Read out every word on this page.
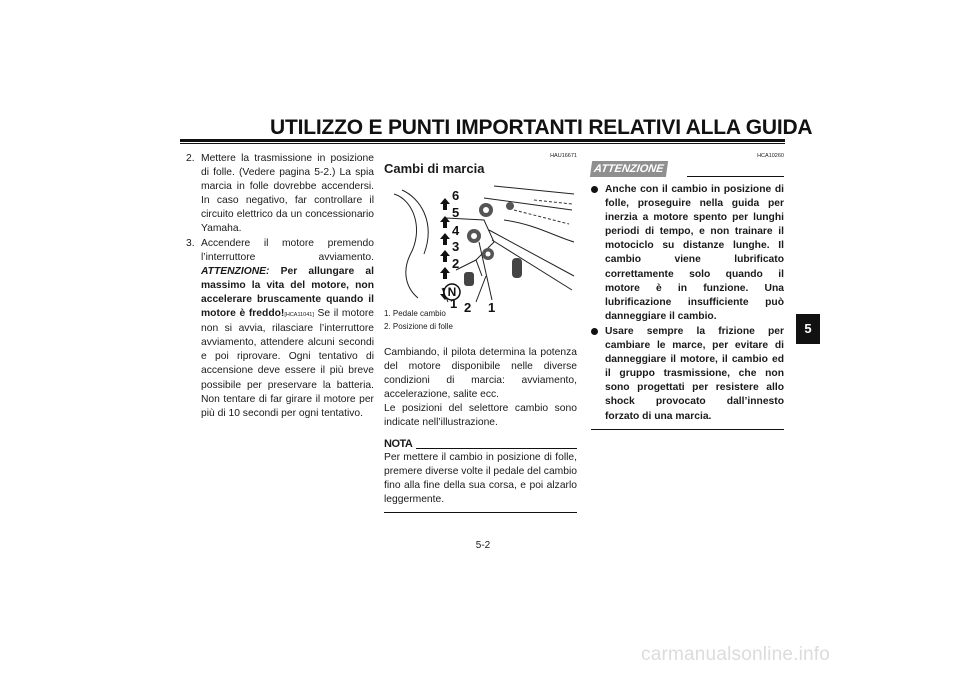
UTILIZZO E PUNTI IMPORTANTI RELATIVI ALLA GUIDA
5
2. Mettere la trasmissione in posizione di folle. (Vedere pagina 5-2.) La spia marcia in folle dovrebbe accendersi. In caso negativo, far controllare il circuito elettrico da un concessionario Yamaha.
3. Accendere il motore premendo l’interruttore avviamento. ATTENZIONE: Per allungare al massimo la vita del motore, non accelerare bruscamente quando il motore è freddo![HCA11041] Se il motore non si avvia, rilasciare l’interruttore avviamento, attendere alcuni secondi e poi riprovare. Ogni tentativo di accensione deve essere il più breve possibile per preservare la batteria. Non tentare di far girare il motore per più di 10 secondi per ogni tentativo.
HAU16671
Cambi di marcia
N
6
5
4
3
2
1 2 1
1. Pedale cambio
2. Posizione di folle
Cambiando, il pilota determina la potenza del motore disponibile nelle diverse condizioni di marcia: avviamento, accelerazione, salite ecc.
Le posizioni del selettore cambio sono indicate nell’illustrazione.
NOTA
Per mettere il cambio in posizione di folle, premere diverse volte il pedale del cambio fino alla fine della sua corsa, e poi alzarlo leggermente.
HCA10260
ATTENZIONE
Anche con il cambio in posizione di folle, proseguire nella guida per inerzia a motore spento per lunghi periodi di tempo, e non trainare il motociclo su distanze lunghe. Il cambio viene lubrificato correttamente solo quando il motore è in funzione. Una lubrificazione insufficiente può danneggiare il cambio.
Usare sempre la frizione per cambiare le marce, per evitare di danneggiare il motore, il cambio ed il gruppo trasmissione, che non sono progettati per resistere allo shock provocato dall’innesto forzato di una marcia.
5-2
carmanualsonline.info
